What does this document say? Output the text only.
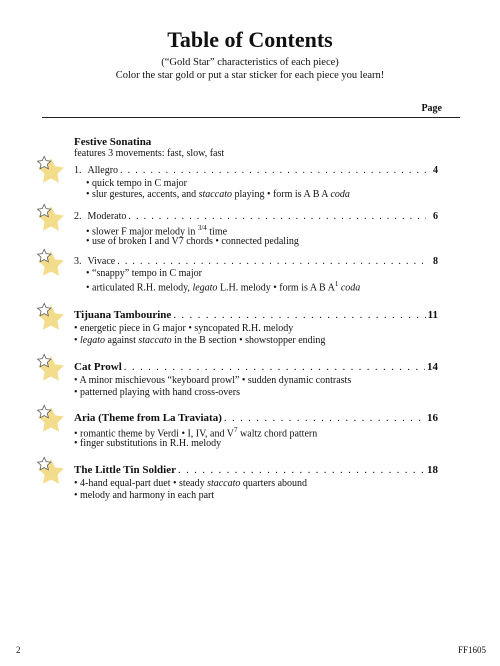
Table of Contents
(“Gold Star” characteristics of each piece)
Color the star gold or put a star sticker for each piece you learn!
Page
Festive Sonatina
features 3 movements: fast, slow, fast
1. Allegro . . .	4
• quick tempo in C major
• slur gestures, accents, and staccato playing • form is A B A coda
2. Moderato . . .	6
• slower F major melody in $^{3/4}$ time
• use of broken I and V7 chords • connected pedaling
3. Vivace . . .	8
• “snappy” tempo in C major
• articulated R.H. melody, legato L.H. melody • form is A B $A^1$ coda
Tijuana Tambourine . . .	11
• energetic piece in G major • syncopated R.H. melody
• legato against staccato in the B section • showstopper ending
Cat Prowl . . .	14
• A minor mischievous “keyboard prowl” • sudden dynamic contrasts
• patterned playing with hand cross-overs
Aria (Theme from La Traviata) . . .	16
• romantic theme by Verdi • I, IV, and $V^7$ waltz chord pattern
• finger substitutions in R.H. melody
The Little Tin Soldier . . .	18
• 4-hand equal-part duet • steady staccato quarters abound
• melody and harmony in each part
2	FF1605
